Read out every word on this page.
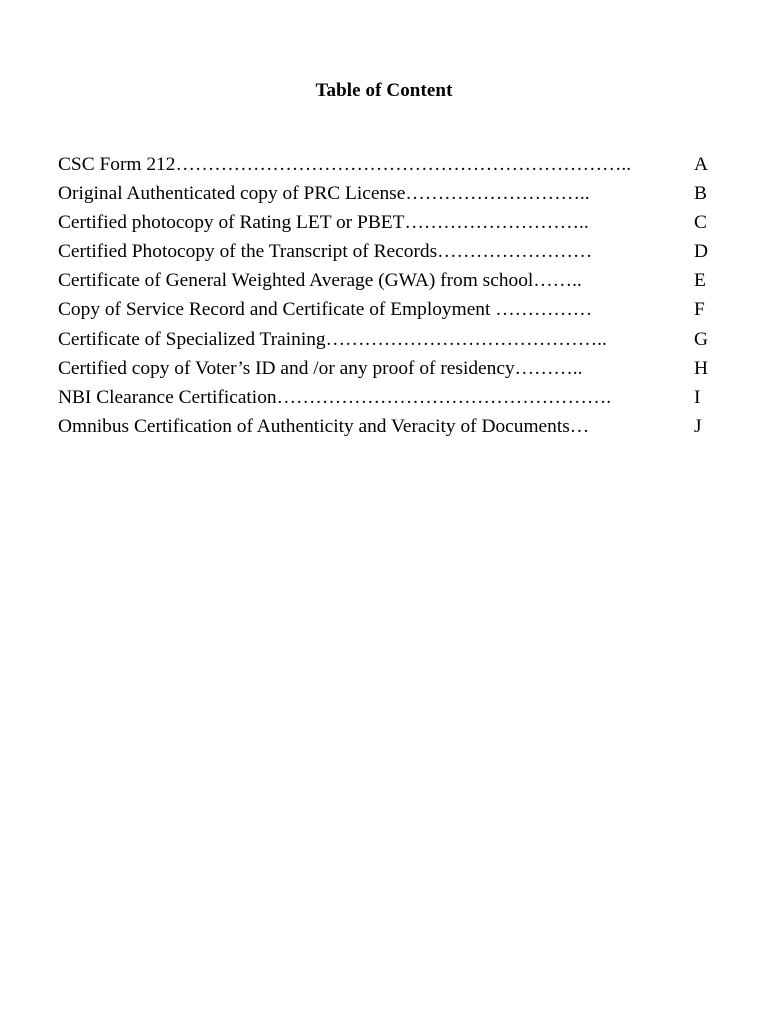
Table of Content
CSC Form 212……………………………………………………………..	A
Original Authenticated copy of PRC License………………………..	B
Certified photocopy of Rating LET or PBET………………………..	C
Certified Photocopy of the Transcript of Records……………………	D
Certificate of General Weighted Average (GWA) from school……..	E
Copy of Service Record and Certificate of Employment ……………	F
Certificate of Specialized Training……………………………………..	G
Certified copy of Voter’s ID and /or any proof of residency………..	H
NBI Clearance Certification…………………………………………….	I
Omnibus Certification of Authenticity and Veracity of Documents…	J
